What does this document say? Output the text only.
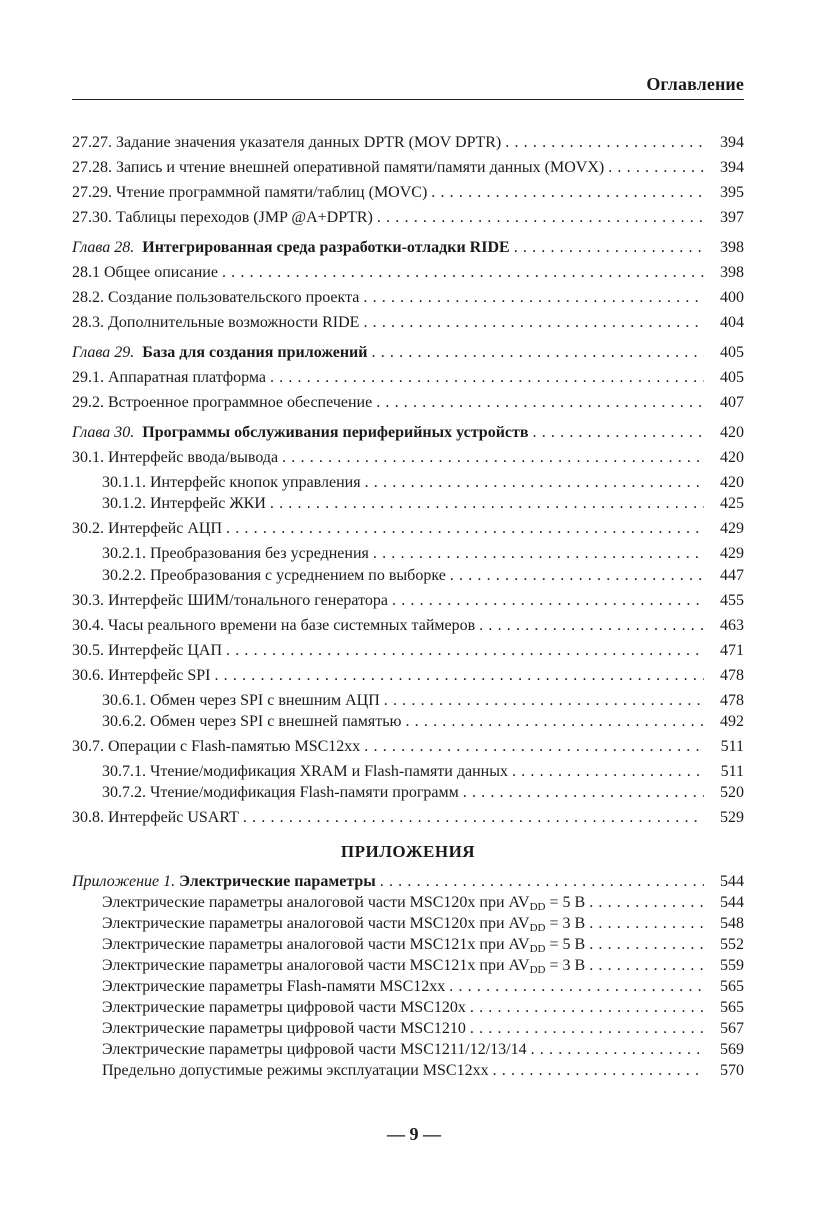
Оглавление
ПРИЛОЖЕНИЯ
27.27. Задание значения указателя данных DPTR (MOV DPTR) . . .	394
27.28. Запись и чтение внешней оперативной памяти/памяти данных (MOVX) . . .	394
27.29. Чтение программной памяти/таблиц (MOVC) . . .	395
27.30. Таблицы переходов (JMP @A+DPTR) . . .	397
Глава 28. Интегрированная среда разработки-отладки RIDE . . .	398
28.1 Общее описание . . .	398
28.2. Создание пользовательского проекта . . .	400
28.3. Дополнительные возможности RIDE . . .	404
Глава 29. База для создания приложений . . .	405
29.1. Аппаратная платформа . . .	405
29.2. Встроенное программное обеспечение . . .	407
Глава 30. Программы обслуживания периферийных устройств . . .	420
30.1. Интерфейс ввода/вывода . . .	420
30.1.1. Интерфейс кнопок управления . . .	420
30.1.2. Интерфейс ЖКИ . . .	425
30.2. Интерфейс АЦП . . .	429
30.2.1. Преобразования без усреднения . . .	429
30.2.2. Преобразования с усреднением по выборке . . .	447
30.3. Интерфейс ШИМ/тонального генератора . . .	455
30.4. Часы реального времени на базе системных таймеров . . .	463
30.5. Интерфейс ЦАП . . .	471
30.6. Интерфейс SPI . . .	478
30.6.1. Обмен через SPI с внешним АЦП . . .	478
30.6.2. Обмен через SPI с внешней памятью . . .	492
30.7. Операции с Flash-памятью MSC12xx . . .	511
30.7.1. Чтение/модификация XRAM и Flash-памяти данных . . .	511
30.7.2. Чтение/модификация Flash-памяти программ . . .	520
30.8. Интерфейс USART . . .	529
Приложение 1. Электрические параметры . . .	544
Электрические параметры аналоговой части MSC120x при $AV_{DD} = 5$ В . . .	544
Электрические параметры аналоговой части MSC120x при $AV_{DD} = 3$ В . . .	548
Электрические параметры аналоговой части MSC121x при $AV_{DD} = 5$ В . . .	552
Электрические параметры аналоговой части MSC121x при $AV_{DD} = 3$ В . . .	559
Электрические параметры Flash-памяти MSC12xx . . .	565
Электрические параметры цифровой части MSC120x . . .	565
Электрические параметры цифровой части MSC1210 . . .	567
Электрические параметры цифровой части MSC1211/12/13/14 . . .	569
Предельно допустимые режимы эксплуатации MSC12xx . . .	570
— 9 —
